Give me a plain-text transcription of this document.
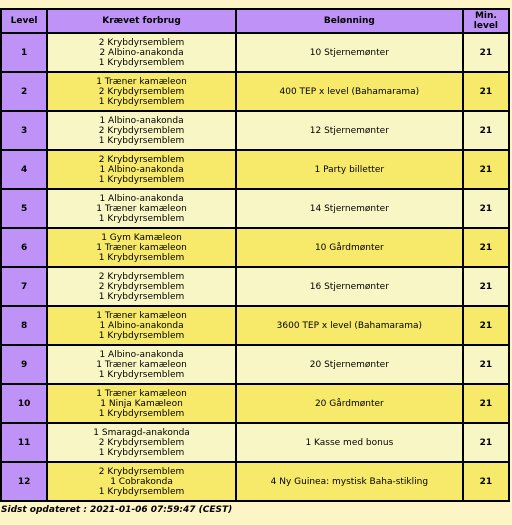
Level	Krævet forbrug	Belønning	Min.
level

1	2 Krybdyrsemblem
2 Albino-anakonda
1 Krybdyrsemblem	10 Stjernemønter	21
2	1 Træner kamæleon
2 Krybdyrsemblem
1 Krybdyrsemblem	400 TEP x level (Bahamarama)	21
3	1 Albino-anakonda
2 Krybdyrsemblem
1 Krybdyrsemblem	12 Stjernemønter	21
4	2 Krybdyrsemblem
1 Albino-anakonda
1 Krybdyrsemblem	1 Party billetter	21
5	1 Albino-anakonda
1 Træner kamæleon
1 Krybdyrsemblem	14 Stjernemønter	21
6	1 Gym Kamæleon
1 Træner kamæleon
1 Krybdyrsemblem	10 Gårdmønter	21
7	2 Krybdyrsemblem
2 Krybdyrsemblem
1 Krybdyrsemblem	16 Stjernemønter	21
8	1 Træner kamæleon
1 Albino-anakonda
1 Krybdyrsemblem	3600 TEP x level (Bahamarama)	21
9	1 Albino-anakonda
1 Træner kamæleon
1 Krybdyrsemblem	20 Stjernemønter	21
10	1 Træner kamæleon
1 Ninja Kamæleon
1 Krybdyrsemblem	20 Gårdmønter	21
11	1 Smaragd-anakonda
2 Krybdyrsemblem
1 Krybdyrsemblem	1 Kasse med bonus	21
12	2 Krybdyrsemblem
1 Cobrakonda
1 Krybdyrsemblem	4 Ny Guinea: mystisk Baha-stikling	21
Sidst opdateret : 2021-01-06 07:59:47 (CEST)
